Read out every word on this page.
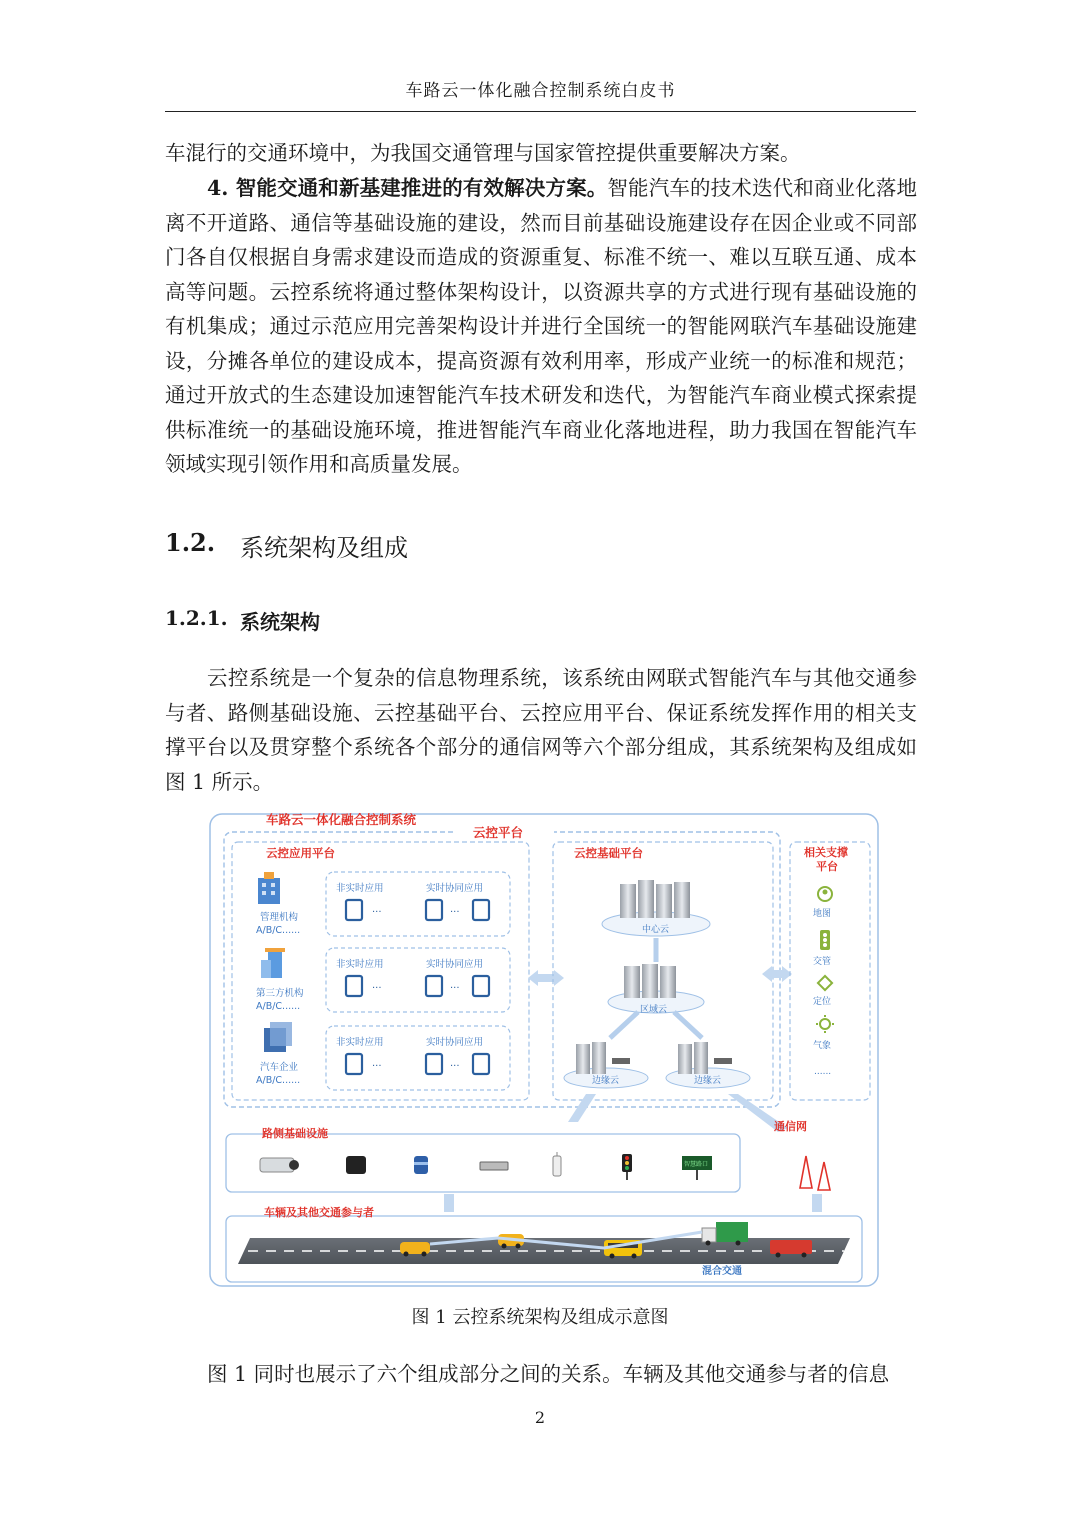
车路云一体化融合控制系统白皮书
车混行的交通环境中，为我国交通管理与国家管控提供重要解决方案。
4. 智能交通和新基建推进的有效解决方案。智能汽车的技术迭代和商业化落地离不开道路、通信等基础设施的建设，然而目前基础设施建设存在因企业或不同部门各自仅根据自身需求建设而造成的资源重复、标准不统一、难以互联互通、成本高等问题。云控系统将通过整体架构设计，以资源共享的方式进行现有基础设施的有机集成；通过示范应用完善架构设计并进行全国统一的智能网联汽车基础设施建设，分摊各单位的建设成本，提高资源有效利用率，形成产业统一的标准和规范；通过开放式的生态建设加速智能汽车技术研发和迭代，为智能汽车商业模式探索提供标准统一的基础设施环境，推进智能汽车商业化落地进程，助力我国在智能汽车领域实现引领作用和高质量发展。
1.2. 系统架构及组成
1.2.1. 系统架构
云控系统是一个复杂的信息物理系统，该系统由网联式智能汽车与其他交通参与者、路侧基础设施、云控基础平台、云控应用平台、保证系统发挥作用的相关支撑平台以及贯穿整个系统各个部分的通信网等六个部分组成，其系统架构及组成如图 1 所示。
车路云一体化融合控制系统
云控平台
云控应用平台
管理机构
A/B/C......
非实时应用	实时协同应用
···	···
第三方机构
A/B/C......
非实时应用	实时协同应用
···	···
汽车企业
A/B/C......
非实时应用	实时协同应用
···	···
云控基础平台
中心云
区域云
边缘云	边缘云
相关支撑
平台
地图
交管
定位
气象
......
路侧基础设施
智慧路口
通信网
车辆及其他交通参与者
混合交通
图 1 云控系统架构及组成示意图
图 1 同时也展示了六个组成部分之间的关系。车辆及其他交通参与者的信息
2
